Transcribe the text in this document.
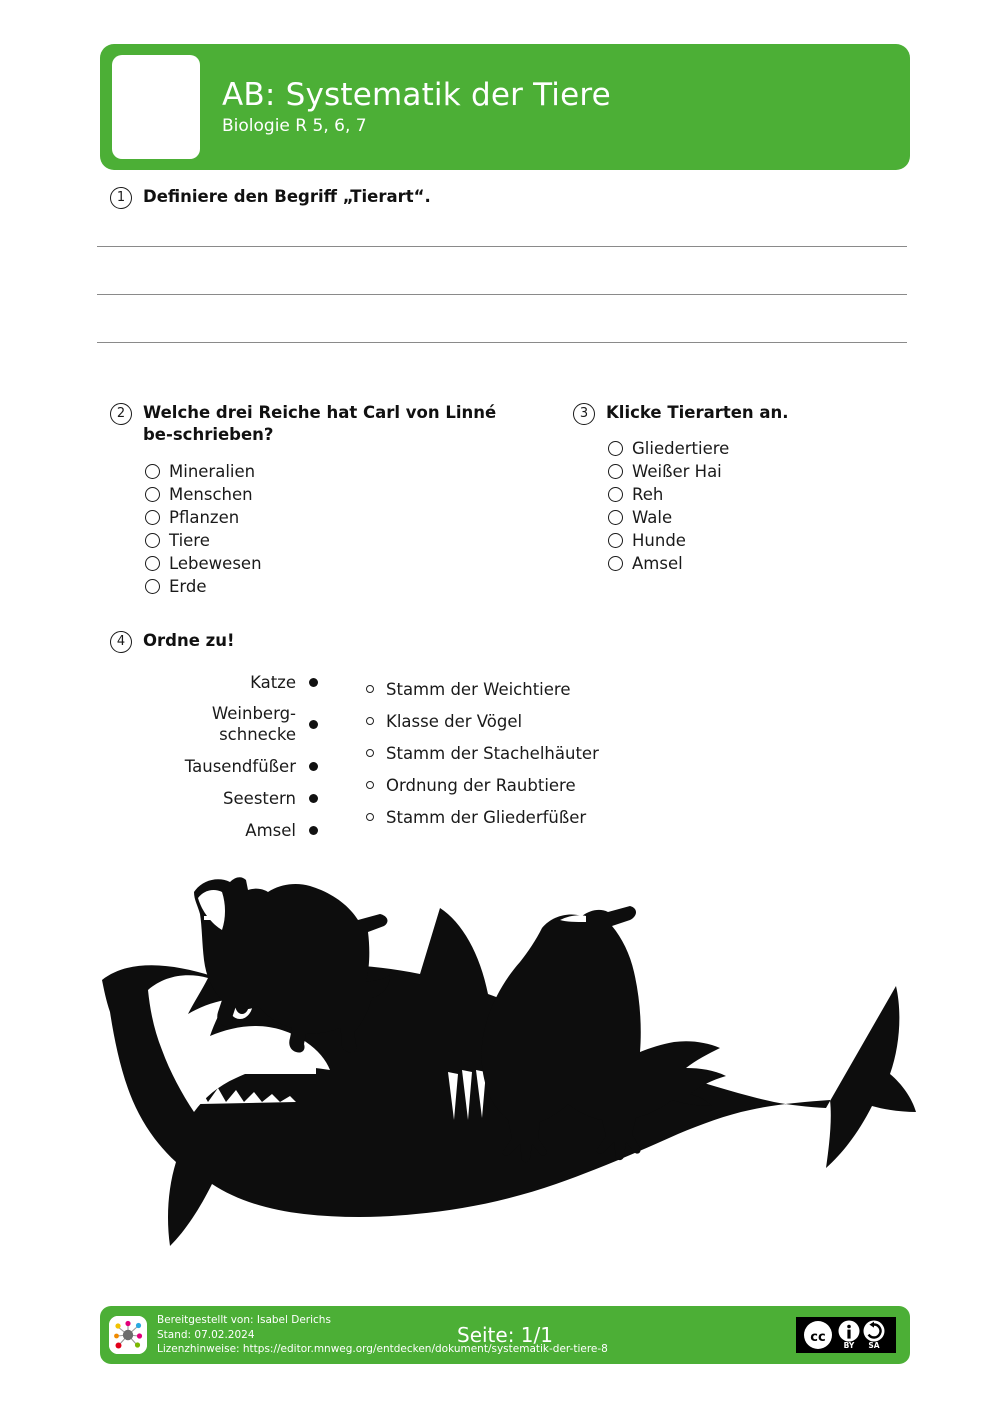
AB: Systematik der Tiere
Biologie R 5, 6, 7
1	Definiere den Begriff „Tierart“.
2	Welche drei Reiche hat Carl von Linné be-schrieben?
Mineralien
Menschen
Pflanzen
Tiere
Lebewesen
Erde
3	Klicke Tierarten an.
Gliedertiere
Weißer Hai
Reh
Wale
Hunde
Amsel
4	Ordne zu!
Katze
Weinberg-
schnecke
Tausendfüßer
Seestern
Amsel
Stamm der Weichtiere
Klasse der Vögel
Stamm der Stachelhäuter
Ordnung der Raubtiere
Stamm der Gliederfüßer
Bereitgestellt von: Isabel Derichs
Stand: 07.02.2024
Lizenzhinweise: https://editor.mnweg.org/entdecken/dokument/systematik-der-tiere-8
Seite: 1/1	cc
BY SA
